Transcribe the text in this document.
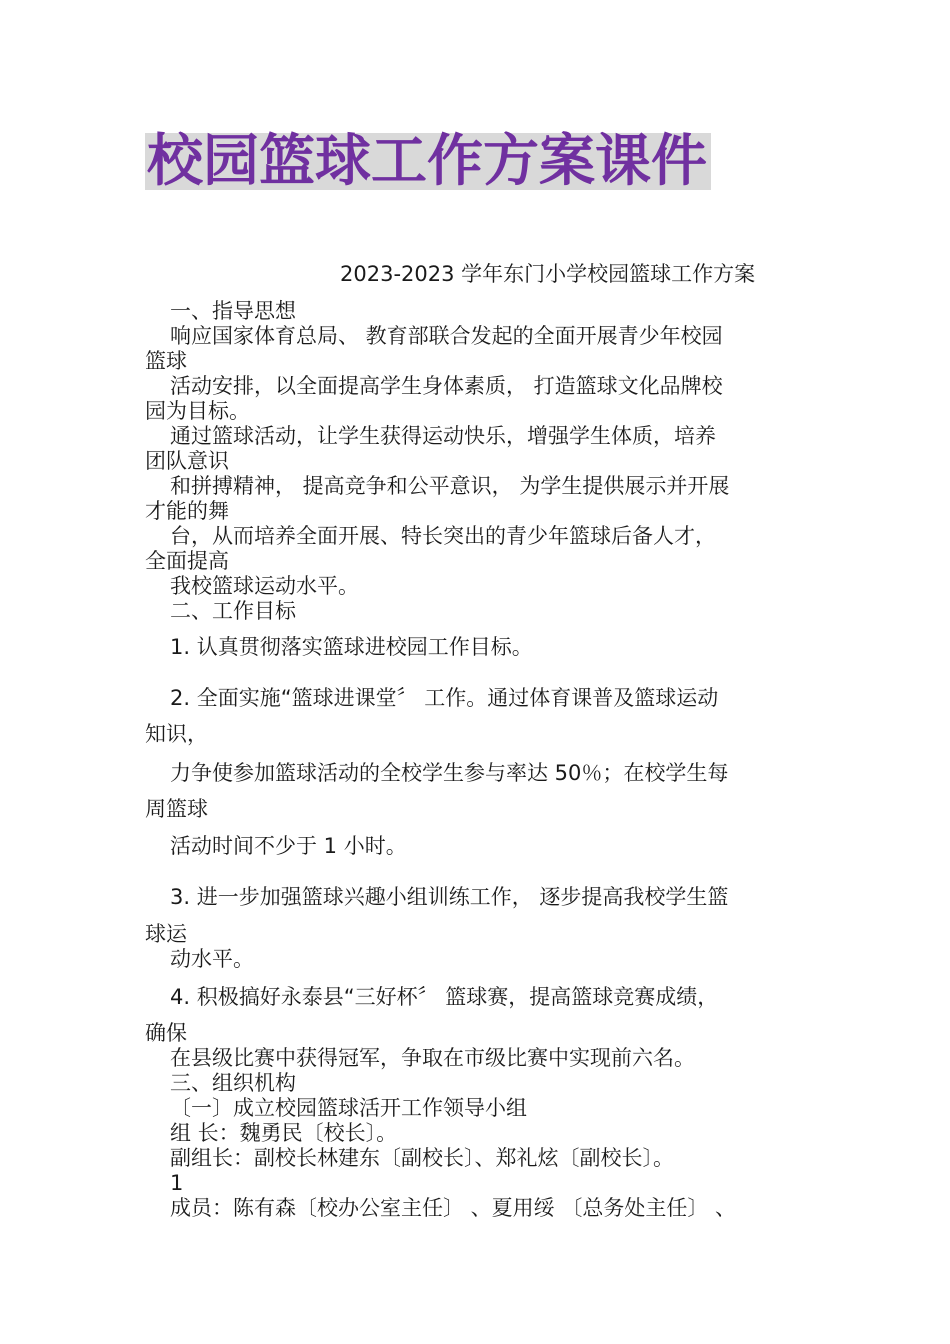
校园篮球工作方案课件
2023-2023 学年东门小学校园篮球工作方案
一、指导思想
响应国家体育总局、 教育部联合发起的全面开展青少年校园
篮球
活动安排，以全面提高学生身体素质， 打造篮球文化品牌校
园为目标。
通过篮球活动，让学生获得运动快乐，增强学生体质，培养
团队意识
和拼搏精神， 提高竞争和公平意识， 为学生提供展示并开展
才能的舞
台，从而培养全面开展、特长突出的青少年篮球后备人才，
全面提高
我校篮球运动水平。
二、工作目标
1. 认真贯彻落实篮球进校园工作目标。
2. 全面实施“篮球进课堂〞 工作。通过体育课普及篮球运动
知识，
力争使参加篮球活动的全校学生参与率达 50％；在校学生每
周篮球
活动时间不少于 1 小时。
3. 进一步加强篮球兴趣小组训练工作， 逐步提高我校学生篮
球运
动水平。
4. 积极搞好永泰县“三好杯〞 篮球赛，提高篮球竞赛成绩，
确保
在县级比赛中获得冠军，争取在市级比赛中实现前六名。
三、组织机构
〔一〕成立校园篮球活开工作领导小组
组 长：魏勇民〔校长〕。
副组长：副校长林建东〔副校长〕、郑礼炫〔副校长〕。
1
成员：陈有森〔校办公室主任〕 、夏用绥 〔总务处主任〕 、
